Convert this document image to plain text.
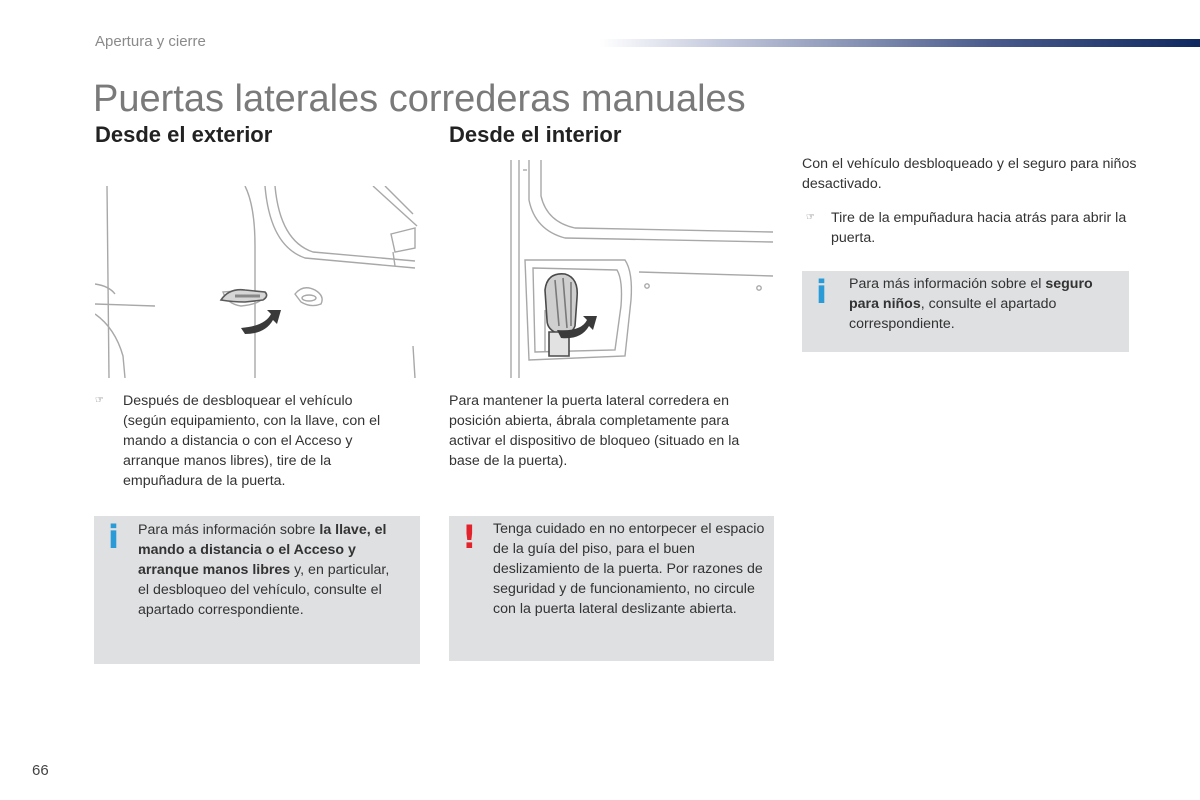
Apertura y cierre
Puertas laterales correderas manuales
Desde el exterior	Desde el interior
☞ Después de desbloquear el vehículo (según equipamiento, con la llave, con el mando a distancia o con el Acceso y arranque manos libres), tire de la empuñadura de la puerta.
Para mantener la puerta lateral corredera en posición abierta, ábrala completamente para activar el dispositivo de bloqueo (situado en la base de la puerta).
i Para más información sobre la llave, el mando a distancia o el Acceso y arranque manos libres y, en particular, el desbloqueo del vehículo, consulte el apartado correspondiente.
! Tenga cuidado en no entorpecer el espacio de la guía del piso, para el buen deslizamiento de la puerta. Por razones de seguridad y de funcionamiento, no circule con la puerta lateral deslizante abierta.
Con el vehículo desbloqueado y el seguro para niños desactivado.
☞ Tire de la empuñadura hacia atrás para abrir la puerta.
i Para más información sobre el seguro para niños, consulte el apartado correspondiente.
66
